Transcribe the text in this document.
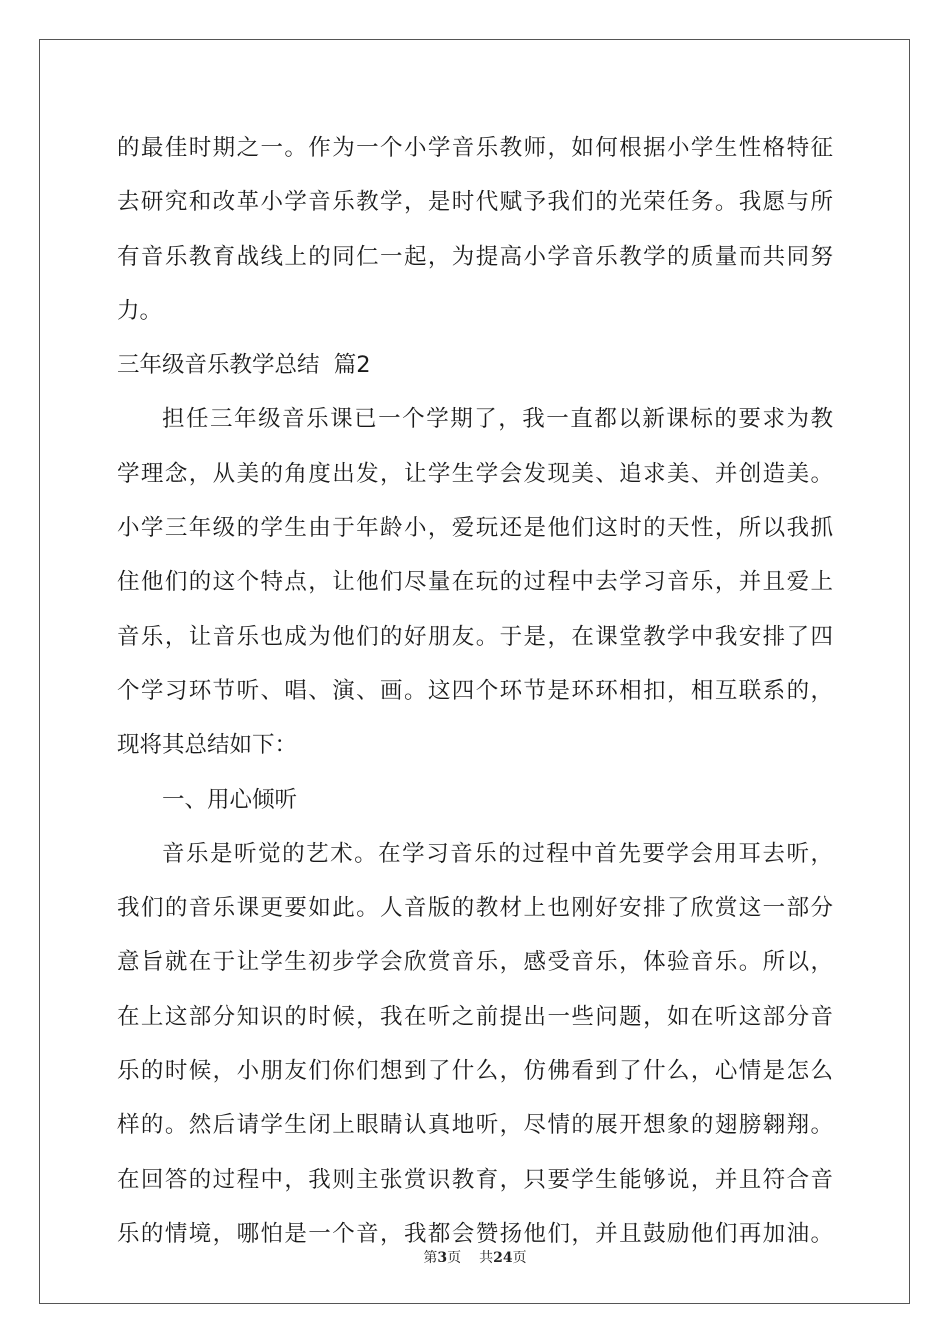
的最佳时期之一。作为一个小学音乐教师，如何根据小学生性格特征
去研究和改革小学音乐教学，是时代赋予我们的光荣任务。我愿与所
有音乐教育战线上的同仁一起，为提高小学音乐教学的质量而共同努
力。
三年级音乐教学总结  篇2
担任三年级音乐课已一个学期了，我一直都以新课标的要求为教
学理念，从美的角度出发，让学生学会发现美、追求美、并创造美。
小学三年级的学生由于年龄小，爱玩还是他们这时的天性，所以我抓
住他们的这个特点，让他们尽量在玩的过程中去学习音乐，并且爱上
音乐，让音乐也成为他们的好朋友。于是，在课堂教学中我安排了四
个学习环节听、唱、演、画。这四个环节是环环相扣，相互联系的，
现将其总结如下：
一、用心倾听
音乐是听觉的艺术。在学习音乐的过程中首先要学会用耳去听，
我们的音乐课更要如此。人音版的教材上也刚好安排了欣赏这一部分
意旨就在于让学生初步学会欣赏音乐，感受音乐，体验音乐。所以，
在上这部分知识的时候，我在听之前提出一些问题，如在听这部分音
乐的时候，小朋友们你们想到了什么，仿佛看到了什么，心情是怎么
样的。然后请学生闭上眼睛认真地听，尽情的展开想象的翅膀翱翔。
在回答的过程中，我则主张赏识教育，只要学生能够说，并且符合音
乐的情境，哪怕是一个音，我都会赞扬他们，并且鼓励他们再加油。
第3页 共24页
